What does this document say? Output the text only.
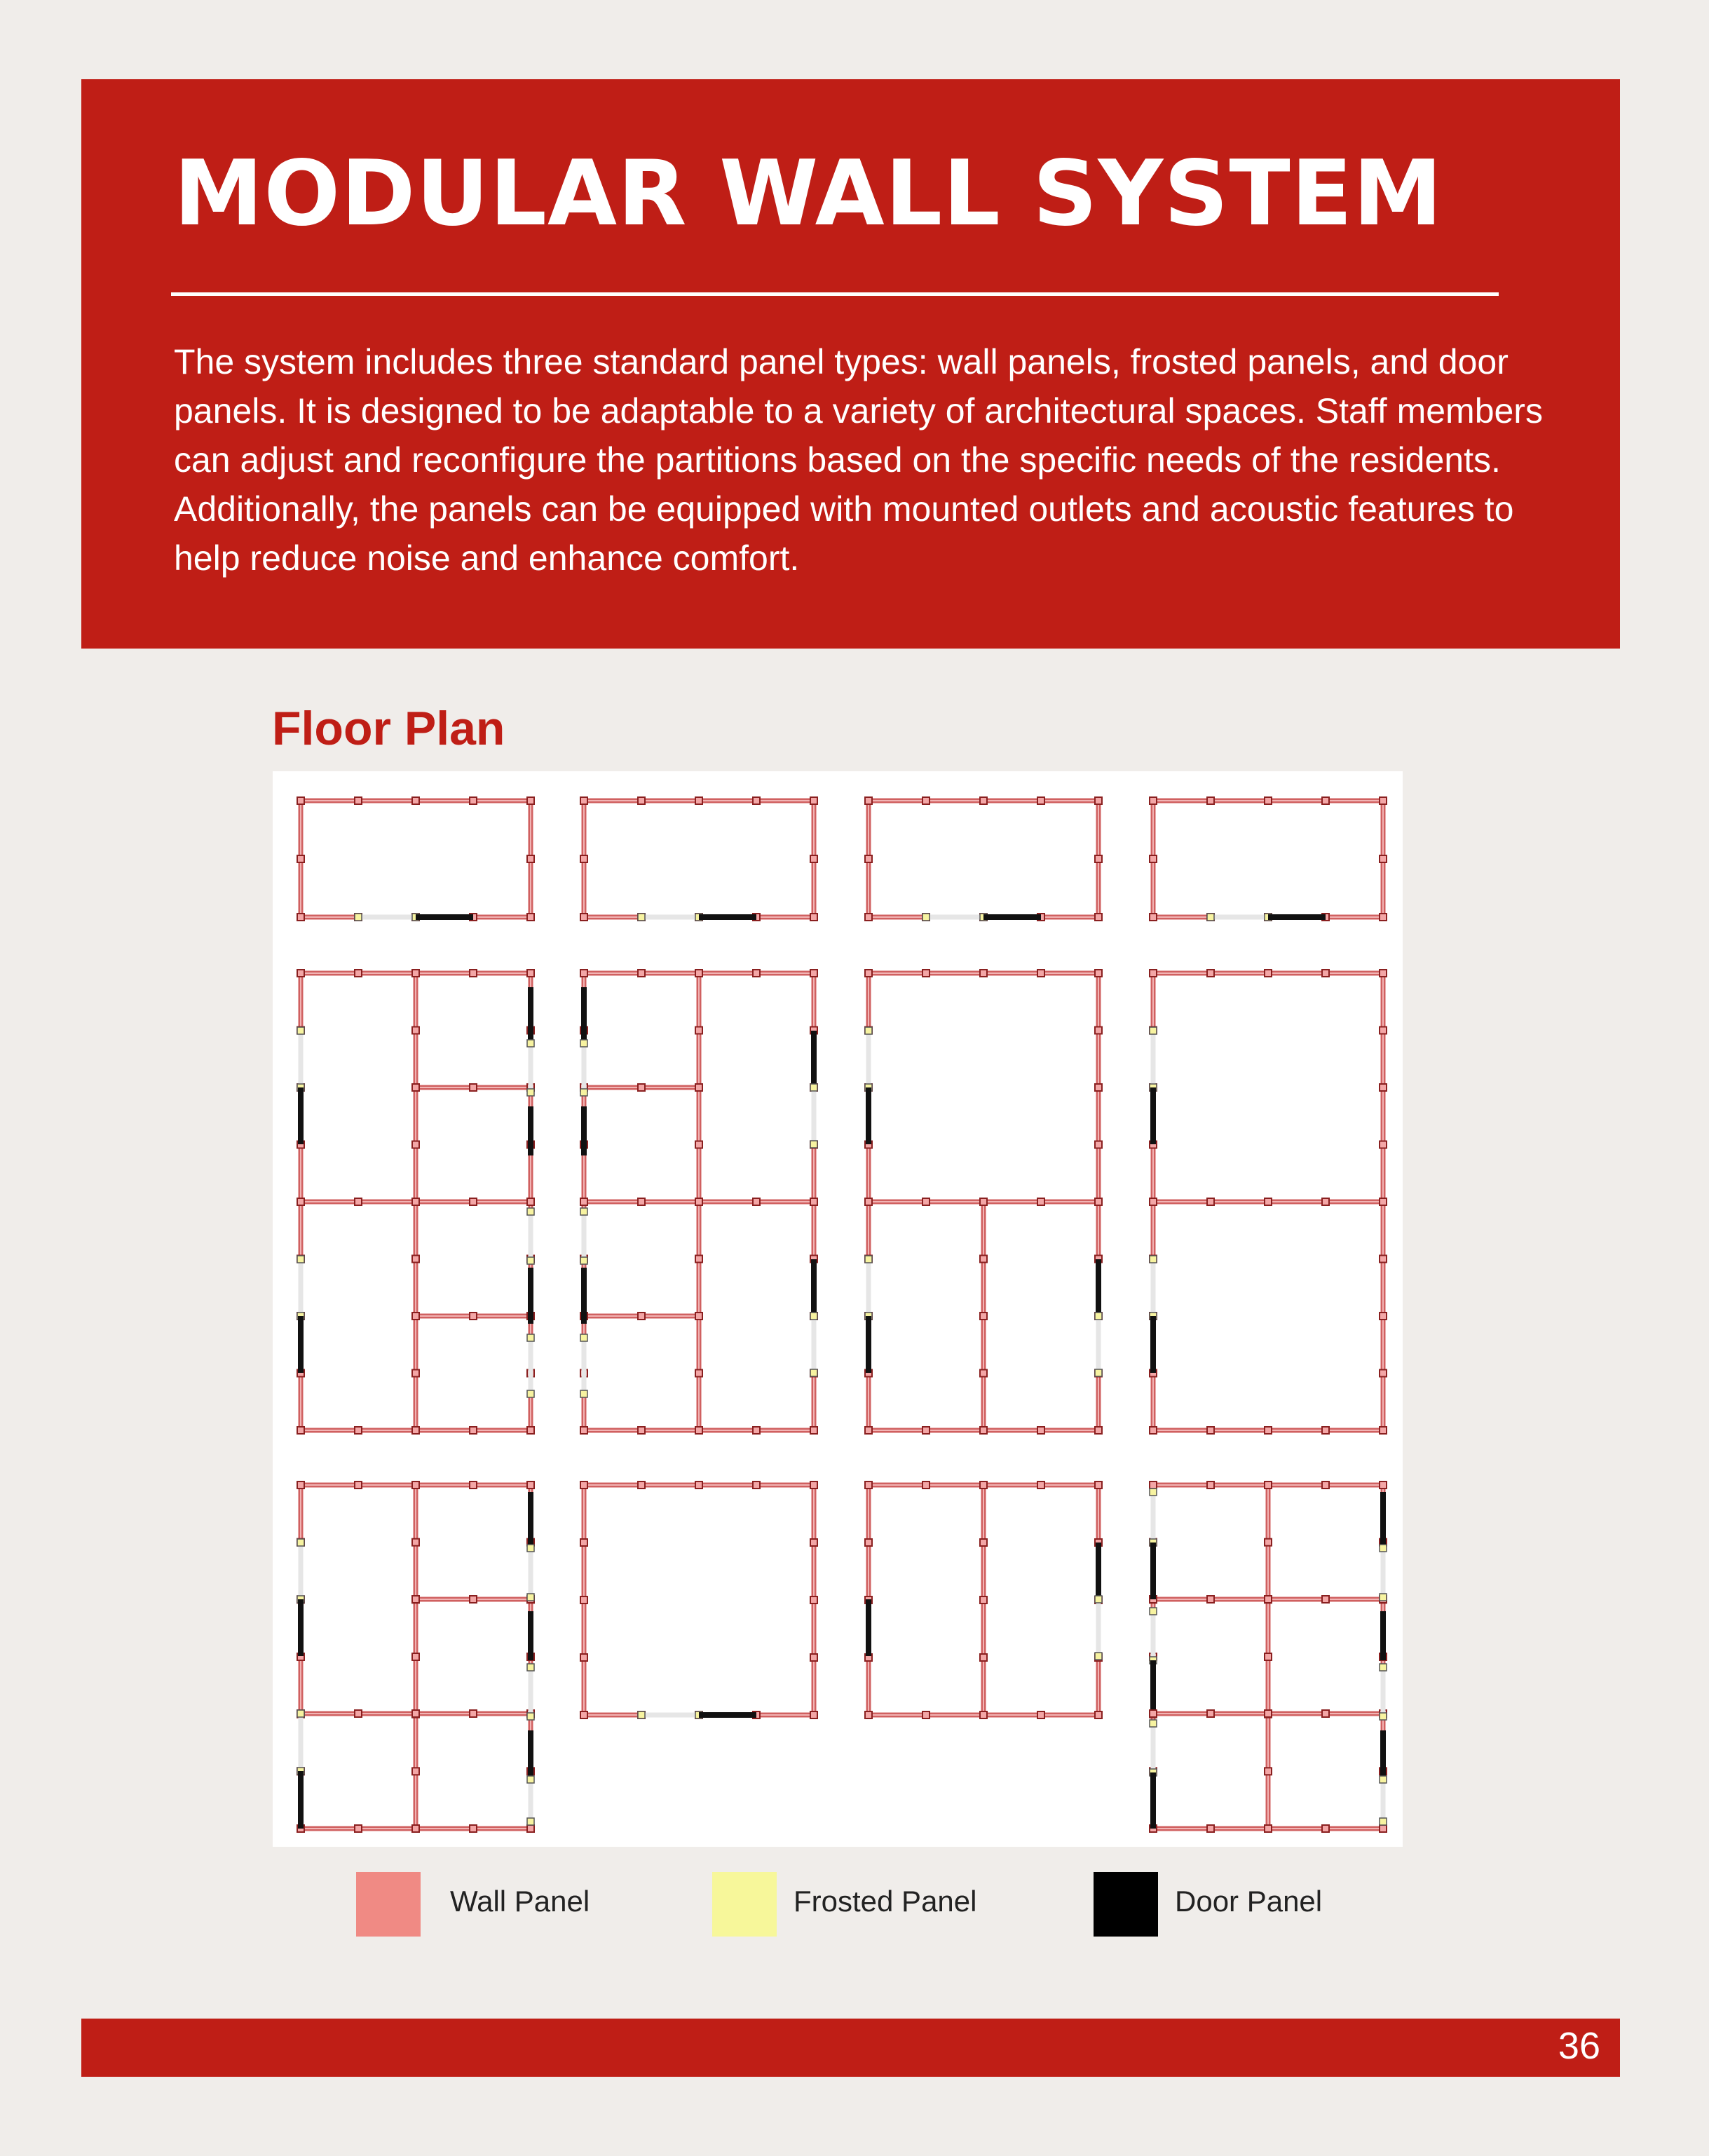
MODULAR WALL SYSTEM

The system includes three standard panel types: wall panels, frosted panels, and door panels. It is designed to be adaptable to a variety of architectural spaces. Staff members can adjust and reconfigure the partitions based on the specific needs of the residents. Additionally, the panels can be equipped with mounted outlets and acoustic features to help reduce noise and enhance comfort.

Floor Plan
Wall Panel	Frosted Panel	Door Panel
36
